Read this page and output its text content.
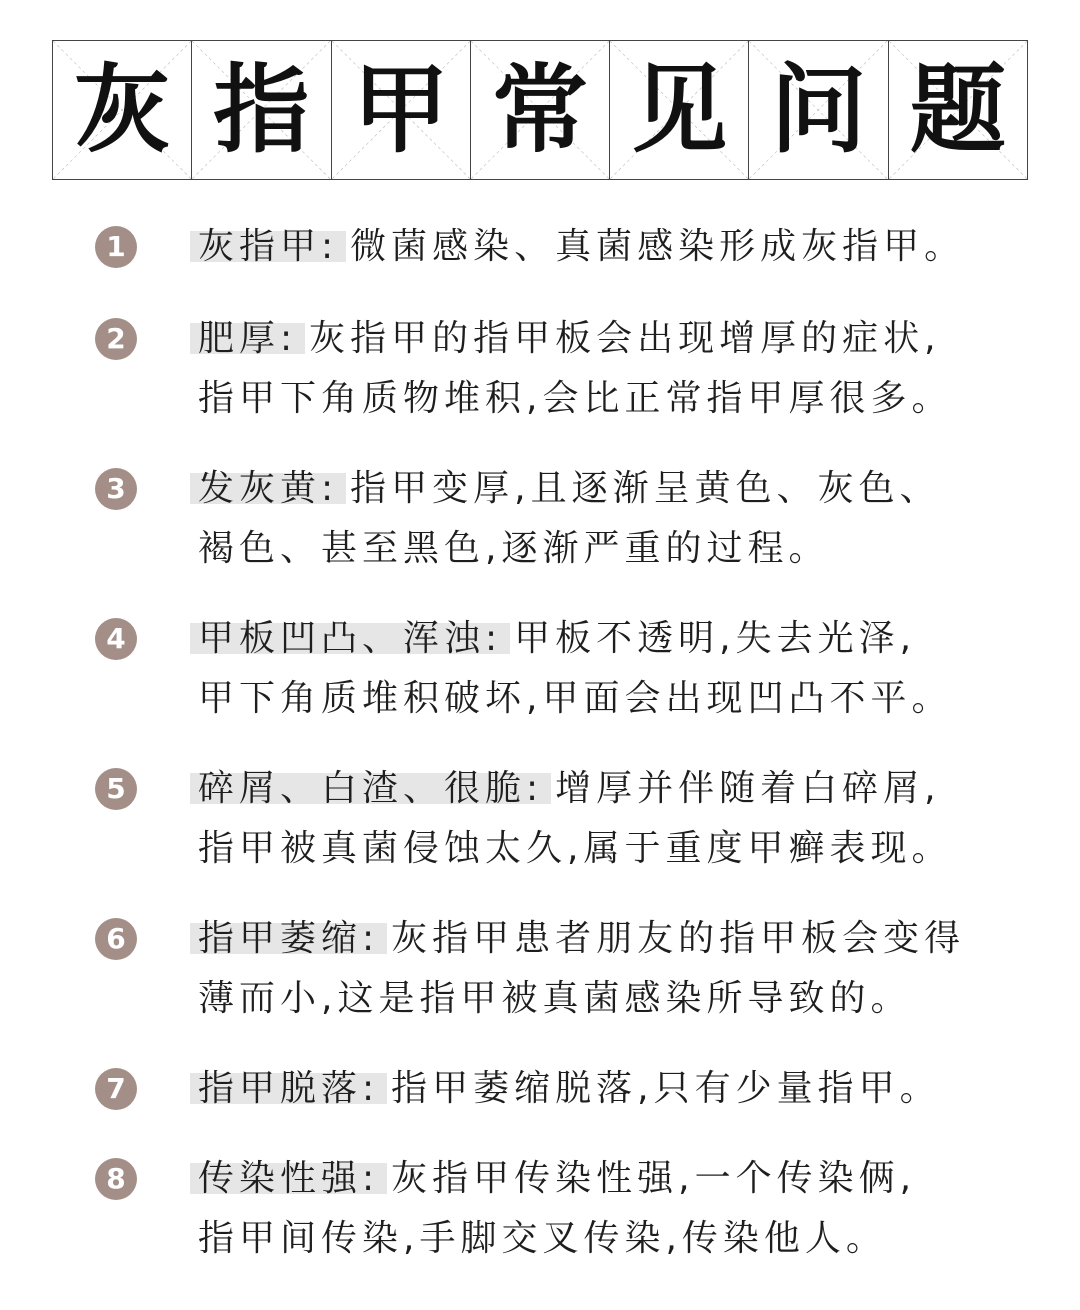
灰 指 甲 常 见 问 题
1	灰指甲: 微菌感染、真菌感染形成灰指甲。
2	肥厚: 灰指甲的指甲板会出现增厚的症状,
指甲下角质物堆积,会比正常指甲厚很多。
3	发灰黄: 指甲变厚,且逐渐呈黄色、灰色、
褐色、甚至黑色,逐渐严重的过程。
4	甲板凹凸、浑浊: 甲板不透明,失去光泽,
甲下角质堆积破坏,甲面会出现凹凸不平。
5	碎屑、白渣、很脆: 增厚并伴随着白碎屑,
指甲被真菌侵蚀太久,属于重度甲癣表现。
6	指甲萎缩: 灰指甲患者朋友的指甲板会变得
薄而小,这是指甲被真菌感染所导致的。
7	指甲脱落: 指甲萎缩脱落,只有少量指甲。
8	传染性强: 灰指甲传染性强,一个传染俩,
指甲间传染,手脚交叉传染,传染他人。
